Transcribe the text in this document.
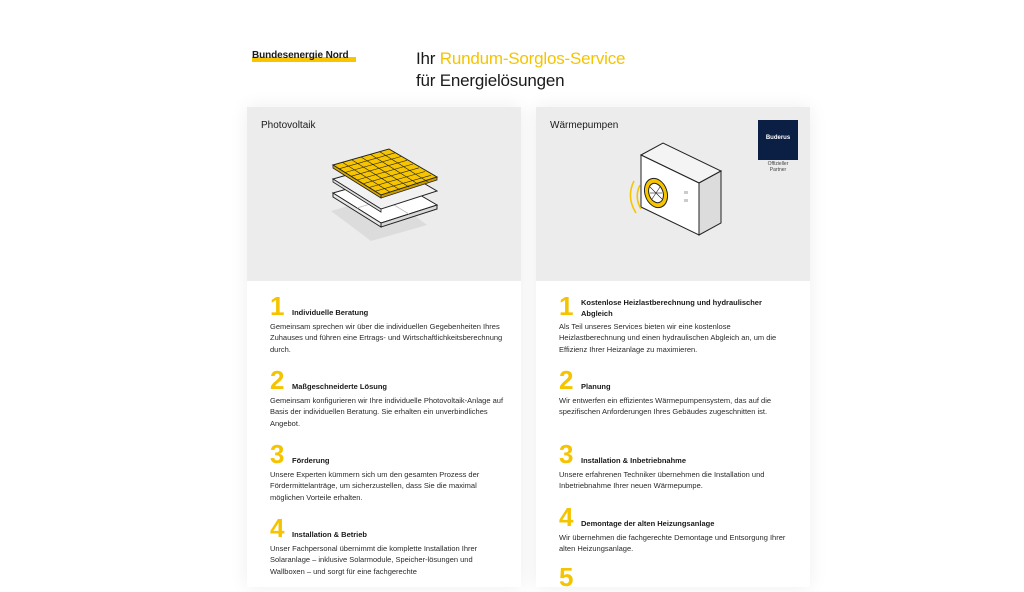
Bundesenergie Nord	Ihr Rundum-Sorglos-Service
für Energielösungen
Photovoltaik
1 Individuelle Beratung
Gemeinsam sprechen wir über die individuellen Gegebenheiten Ihres Zuhauses und führen eine Ertrags- und Wirtschaftlichkeitsberechnung durch.
2 Maßgeschneiderte Lösung
Gemeinsam konfigurieren wir Ihre individuelle Photovoltaik-Anlage auf Basis der individuellen Beratung. Sie erhalten ein unverbindliches Angebot.
3 Förderung
Unsere Experten kümmern sich um den gesamten Prozess der Fördermittelanträge, um sicherzustellen, dass Sie die maximal möglichen Vorteile erhalten.
4 Installation & Betrieb
Unser Fachpersonal übernimmt die komplette Installation Ihrer Solaranlage – inklusive Solarmodule, Speicher-lösungen und Wallboxen – und sorgt für eine fachgerechte
Wärmepumpen
Buderus
Offizieller
Partner
1 Kostenlose Heizlastberechnung und hydraulischer Abgleich
Als Teil unseres Services bieten wir eine kostenlose Heizlastberechnung und einen hydraulischen Abgleich an, um die Effizienz Ihrer Heizanlage zu maximieren.
2 Planung
Wir entwerfen ein effizientes Wärmepumpensystem, das auf die spezifischen Anforderungen Ihres Gebäudes zugeschnitten ist.
3 Installation & Inbetriebnahme
Unsere erfahrenen Techniker übernehmen die Installation und Inbetriebnahme Ihrer neuen Wärmepumpe.
4 Demontage der alten Heizungsanlage
Wir übernehmen die fachgerechte Demontage und Entsorgung Ihrer alten Heizungsanlage.
5
